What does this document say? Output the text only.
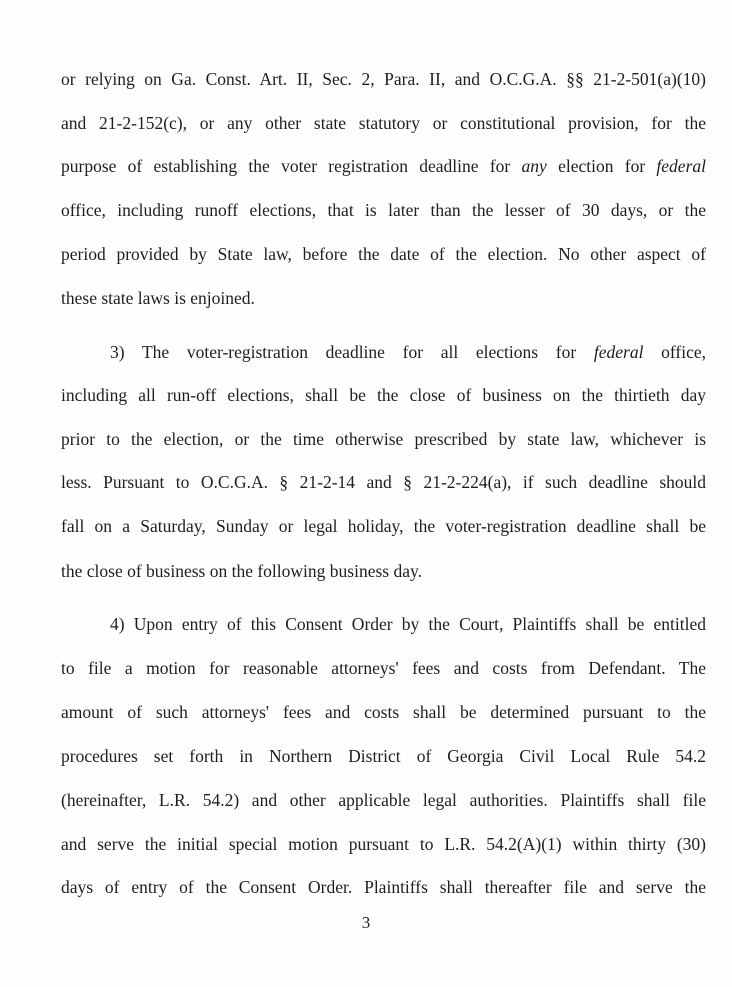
or relying on Ga. Const. Art. II, Sec. 2, Para. II, and O.C.G.A. §§ 21-2-501(a)(10)
and 21-2-152(c), or any other state statutory or constitutional provision, for the
purpose of establishing the voter registration deadline for any election for federal
office, including runoff elections, that is later than the lesser of 30 days, or the
period provided by State law, before the date of the election. No other aspect of
these state laws is enjoined.
3) The voter-registration deadline for all elections for federal office,
including all run-off elections, shall be the close of business on the thirtieth day
prior to the election, or the time otherwise prescribed by state law, whichever is
less. Pursuant to O.C.G.A. § 21-2-14 and § 21-2-224(a), if such deadline should
fall on a Saturday, Sunday or legal holiday, the voter-registration deadline shall be
the close of business on the following business day.
4) Upon entry of this Consent Order by the Court, Plaintiffs shall be entitled
to file a motion for reasonable attorneys' fees and costs from Defendant. The
amount of such attorneys' fees and costs shall be determined pursuant to the
procedures set forth in Northern District of Georgia Civil Local Rule 54.2
(hereinafter, L.R. 54.2) and other applicable legal authorities. Plaintiffs shall file
and serve the initial special motion pursuant to L.R. 54.2(A)(1) within thirty (30)
days of entry of the Consent Order. Plaintiffs shall thereafter file and serve the
3
